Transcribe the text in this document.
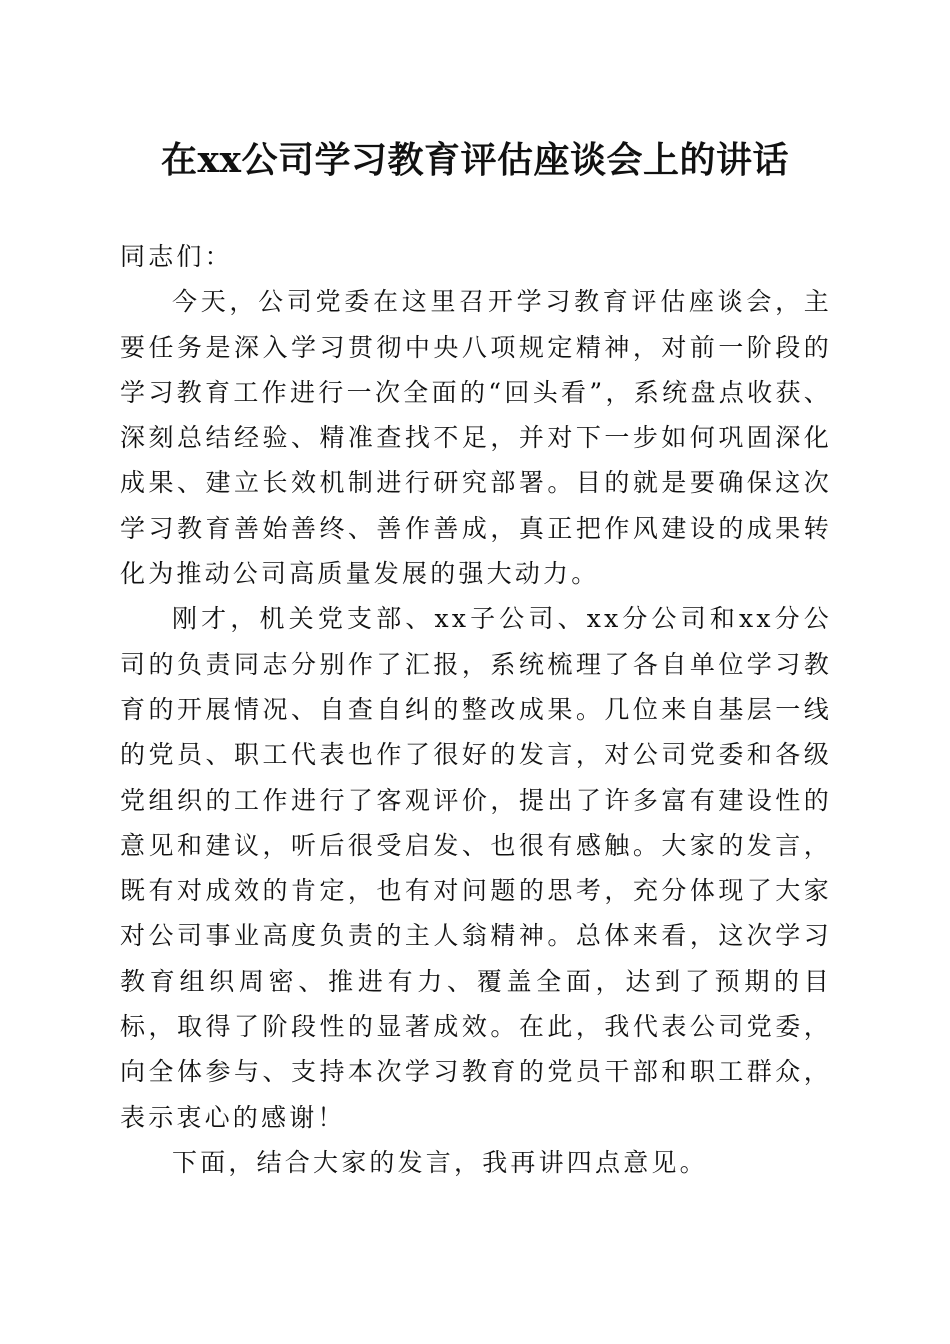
在xx公司学习教育评估座谈会上的讲话

同志们：

今天，公司党委在这里召开学习教育评估座谈会，主要任务是深入学习贯彻中央八项规定精神，对前一阶段的学习教育工作进行一次全面的“回头看”，系统盘点收获、深刻总结经验、精准查找不足，并对下一步如何巩固深化成果、建立长效机制进行研究部署。目的就是要确保这次学习教育善始善终、善作善成，真正把作风建设的成果转化为推动公司高质量发展的强大动力。

刚才，机关党支部、xx子公司、xx分公司和xx分公司的负责同志分别作了汇报，系统梳理了各自单位学习教育的开展情况、自查自纠的整改成果。几位来自基层一线的党员、职工代表也作了很好的发言，对公司党委和各级党组织的工作进行了客观评价，提出了许多富有建设性的意见和建议，听后很受启发、也很有感触。大家的发言，既有对成效的肯定，也有对问题的思考，充分体现了大家对公司事业高度负责的主人翁精神。总体来看，这次学习教育组织周密、推进有力、覆盖全面，达到了预期的目标，取得了阶段性的显著成效。在此，我代表公司党委，向全体参与、支持本次学习教育的党员干部和职工群众，表示衷心的感谢！

下面，结合大家的发言，我再讲四点意见。
